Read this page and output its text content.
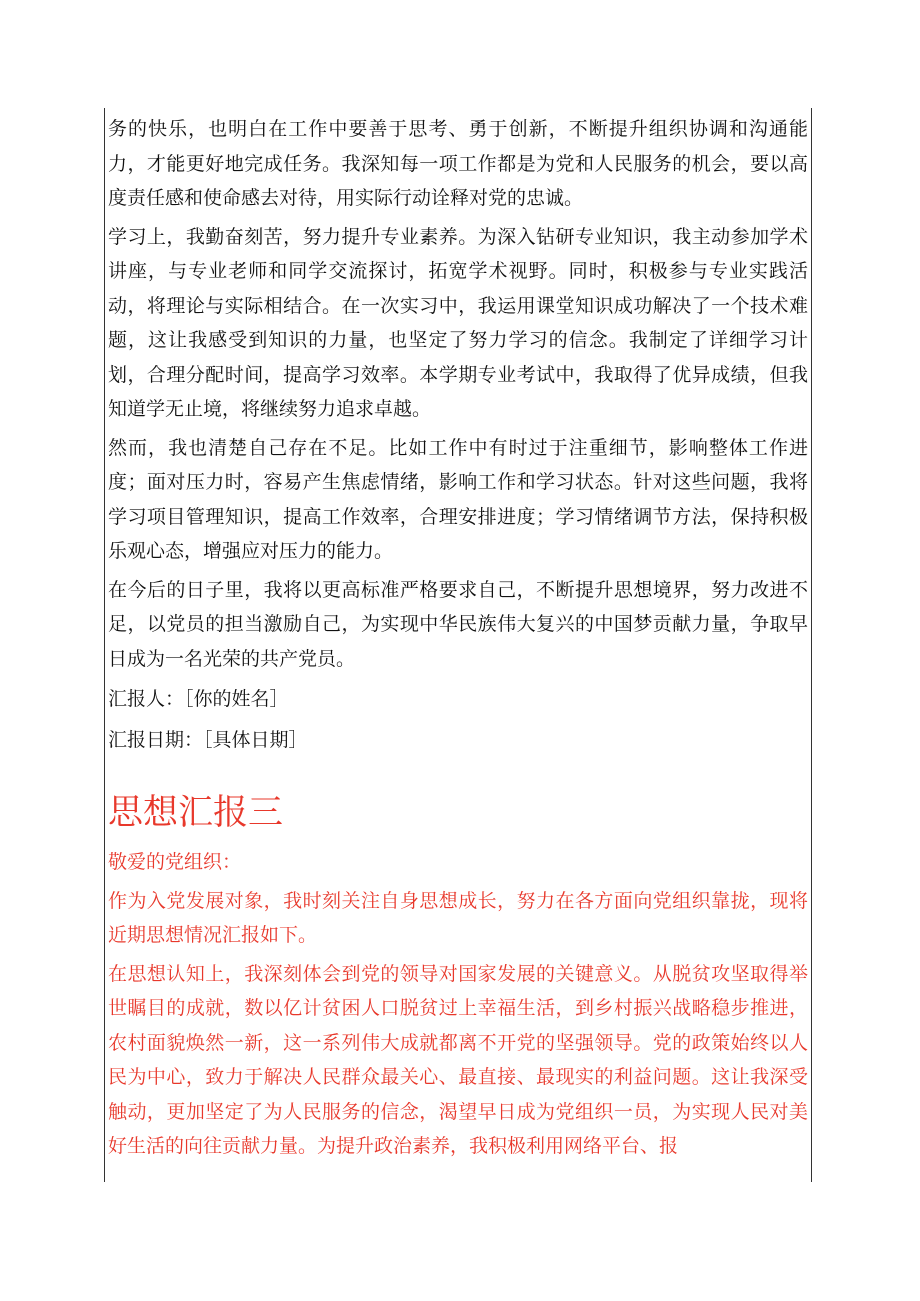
务的快乐，也明白在工作中要善于思考、勇于创新，不断提升组织协调和沟通能力，才能更好地完成任务。我深知每一项工作都是为党和人民服务的机会，要以高度责任感和使命感去对待，用实际行动诠释对党的忠诚。

学习上，我勤奋刻苦，努力提升专业素养。为深入钻研专业知识，我主动参加学术讲座，与专业老师和同学交流探讨，拓宽学术视野。同时，积极参与专业实践活动，将理论与实际相结合。在一次实习中，我运用课堂知识成功解决了一个技术难题，这让我感受到知识的力量，也坚定了努力学习的信念。我制定了详细学习计划，合理分配时间，提高学习效率。本学期专业考试中，我取得了优异成绩，但我知道学无止境，将继续努力追求卓越。

然而，我也清楚自己存在不足。比如工作中有时过于注重细节，影响整体工作进度；面对压力时，容易产生焦虑情绪，影响工作和学习状态。针对这些问题，我将学习项目管理知识，提高工作效率，合理安排进度；学习情绪调节方法，保持积极乐观心态，增强应对压力的能力。

在今后的日子里，我将以更高标准严格要求自己，不断提升思想境界，努力改进不足，以党员的担当激励自己，为实现中华民族伟大复兴的中国梦贡献力量，争取早日成为一名光荣的共产党员。

汇报人：［你的姓名］

汇报日期：［具体日期］

思想汇报三

敬爱的党组织：

作为入党发展对象，我时刻关注自身思想成长，努力在各方面向党组织靠拢，现将近期思想情况汇报如下。

在思想认知上，我深刻体会到党的领导对国家发展的关键意义。从脱贫攻坚取得举世瞩目的成就，数以亿计贫困人口脱贫过上幸福生活，到乡村振兴战略稳步推进，农村面貌焕然一新，这一系列伟大成就都离不开党的坚强领导。党的政策始终以人民为中心，致力于解决人民群众最关心、最直接、最现实的利益问题。这让我深受触动，更加坚定了为人民服务的信念，渴望早日成为党组织一员，为实现人民对美好生活的向往贡献力量。为提升政治素养，我积极利用网络平台、报
